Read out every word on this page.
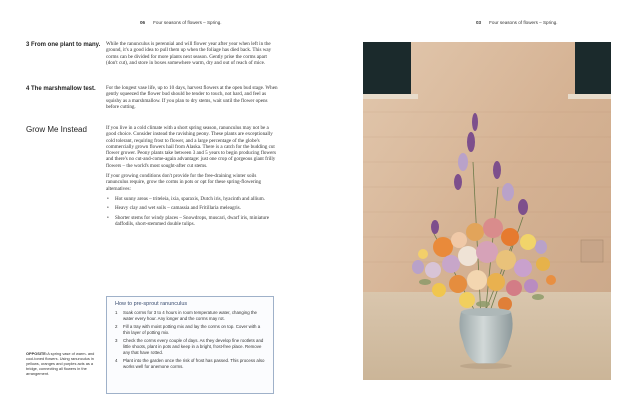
06 Four seasons of flowers – Spring.
3 From one plant to many. While the ranunculus is perennial and will flower year after year when left in the ground, it's a good idea to pull them up when the foliage has died back. This way corms can be divided for more plants next season. Gently prise the corms apart (don't cut), and store in boxes somewhere warm, dry and out of reach of mice.

4 The marshmallow test. For the longest vase life, up to 10 days, harvest flowers at the open bud stage. When gently squeezed the flower bud should be tender to touch, not hard, and feel as squishy as a marshmallow. If you plan to dry stems, wait until the flower opens before cutting.

Grow Me Instead	If you live in a cold climate with a short spring season, ranunculus may not be a good choice. Consider instead the ravishing peony. These plants are exceptionally cold tolerant, requiring frost to flower, and a large percentage of the globe's commercially grown flowers hail from Alaska. There is a catch for the budding cut flower grower. Peony plants take between 3 and 5 years to begin producing flowers and there's no cut-and-come-again advantage: just one crop of gorgeous giant frilly flowers – the world's most sought-after cut stems.

If your growing conditions don't provide for the free-draining winter soils ranunculus require, grow the corms in pots or opt for these spring-flowering alternatives:

• Hot sunny areas – triteleia, ixia, sparaxis, Dutch iris, hyacinth and allium.
• Heavy clay and wet soils – camassia and Fritillaria meleagris.
• Shorter stems for windy places – Snowdrops, muscari, dwarf iris, miniature daffodils, short-stemmed double tulips.
How to pre-sprout ranunculus
1	Soak corms for 3 to 4 hours in room temperature water, changing the water every hour. Any longer and the corms may rot.
2	Fill a tray with moist potting mix and lay the corms on top. Cover with a thin layer of potting mix.
3	Check the corms every couple of days. As they develop fine rootlets and little shoots, plant in pots and keep in a bright, frost-free place. Remove any that have rotted.
4	Plant into the garden once the risk of frost has passed. This process also works well for anemone corms.
OPPOSITE:A spring vase of warm- and cool-toned flowers. Using ranunculus in yellows, oranges and purples acts as a bridge, connecting all flowers in the arrangement.
03 Four seasons of flowers – Spring.
